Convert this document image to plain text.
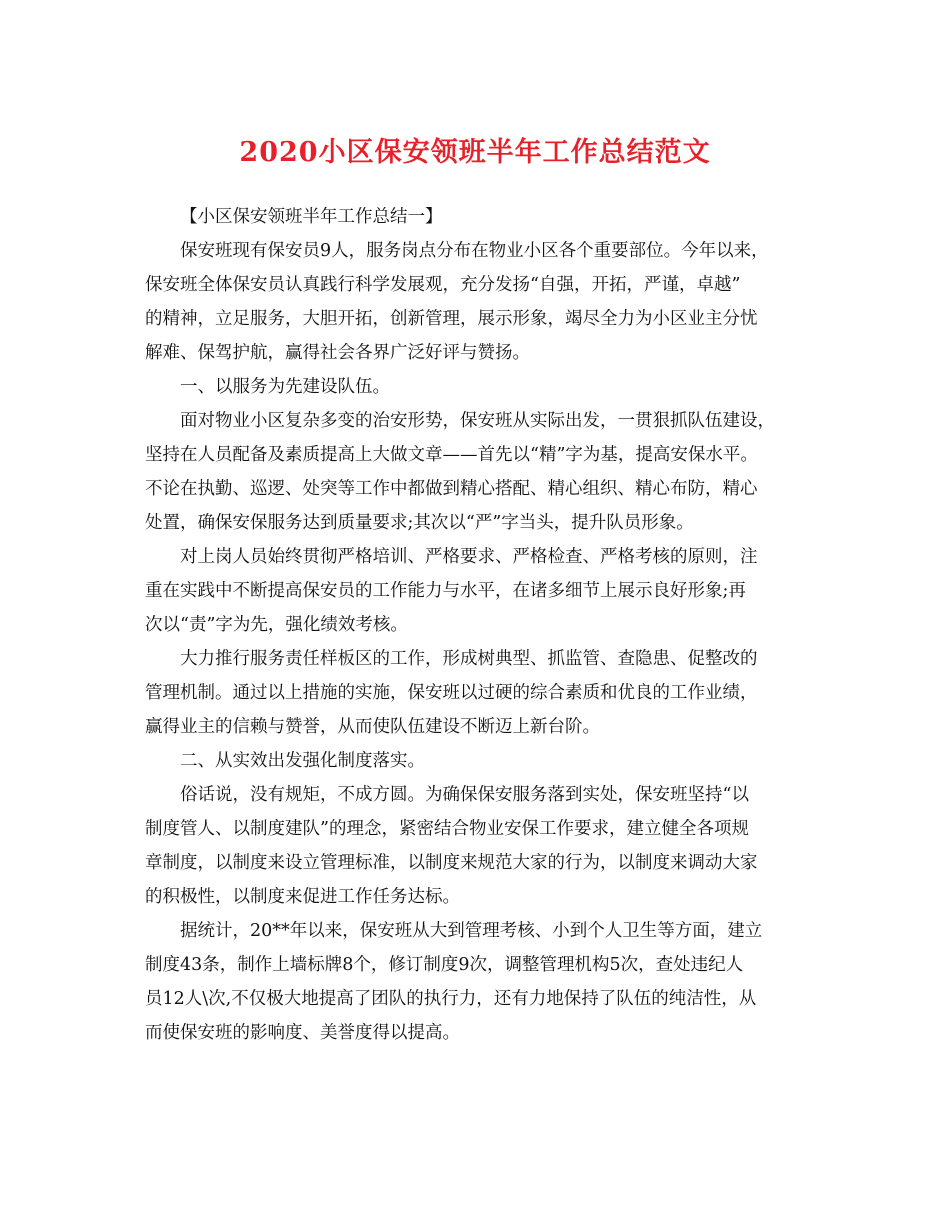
2020小区保安领班半年工作总结范文

【小区保安领班半年工作总结一】

保安班现有保安员9人，服务岗点分布在物业小区各个重要部位。今年以来，
保安班全体保安员认真践行科学发展观，充分发扬“自强，开拓，严谨，卓越”
的精神，立足服务，大胆开拓，创新管理，展示形象，竭尽全力为小区业主分忧
解难、保驾护航，赢得社会各界广泛好评与赞扬。

一、以服务为先建设队伍。

面对物业小区复杂多变的治安形势，保安班从实际出发，一贯狠抓队伍建设，
坚持在人员配备及素质提高上大做文章——首先以“精”字为基，提高安保水平。
不论在执勤、巡逻、处突等工作中都做到精心搭配、精心组织、精心布防，精心
处置，确保安保服务达到质量要求;其次以“严”字当头，提升队员形象。

对上岗人员始终贯彻严格培训、严格要求、严格检查、严格考核的原则，注
重在实践中不断提高保安员的工作能力与水平，在诸多细节上展示良好形象;再
次以“责”字为先，强化绩效考核。

大力推行服务责任样板区的工作，形成树典型、抓监管、查隐患、促整改的
管理机制。通过以上措施的实施，保安班以过硬的综合素质和优良的工作业绩，
赢得业主的信赖与赞誉，从而使队伍建设不断迈上新台阶。

二、从实效出发强化制度落实。

俗话说，没有规矩，不成方圆。为确保保安服务落到实处，保安班坚持“以
制度管人、以制度建队”的理念，紧密结合物业安保工作要求，建立健全各项规
章制度，以制度来设立管理标准，以制度来规范大家的行为，以制度来调动大家
的积极性，以制度来促进工作任务达标。

据统计，20**年以来，保安班从大到管理考核、小到个人卫生等方面，建立
制度43条，制作上墙标牌8个，修订制度9次，调整管理机构5次，查处违纪人
员12人\次,不仅极大地提高了团队的执行力，还有力地保持了队伍的纯洁性，从
而使保安班的影响度、美誉度得以提高。
